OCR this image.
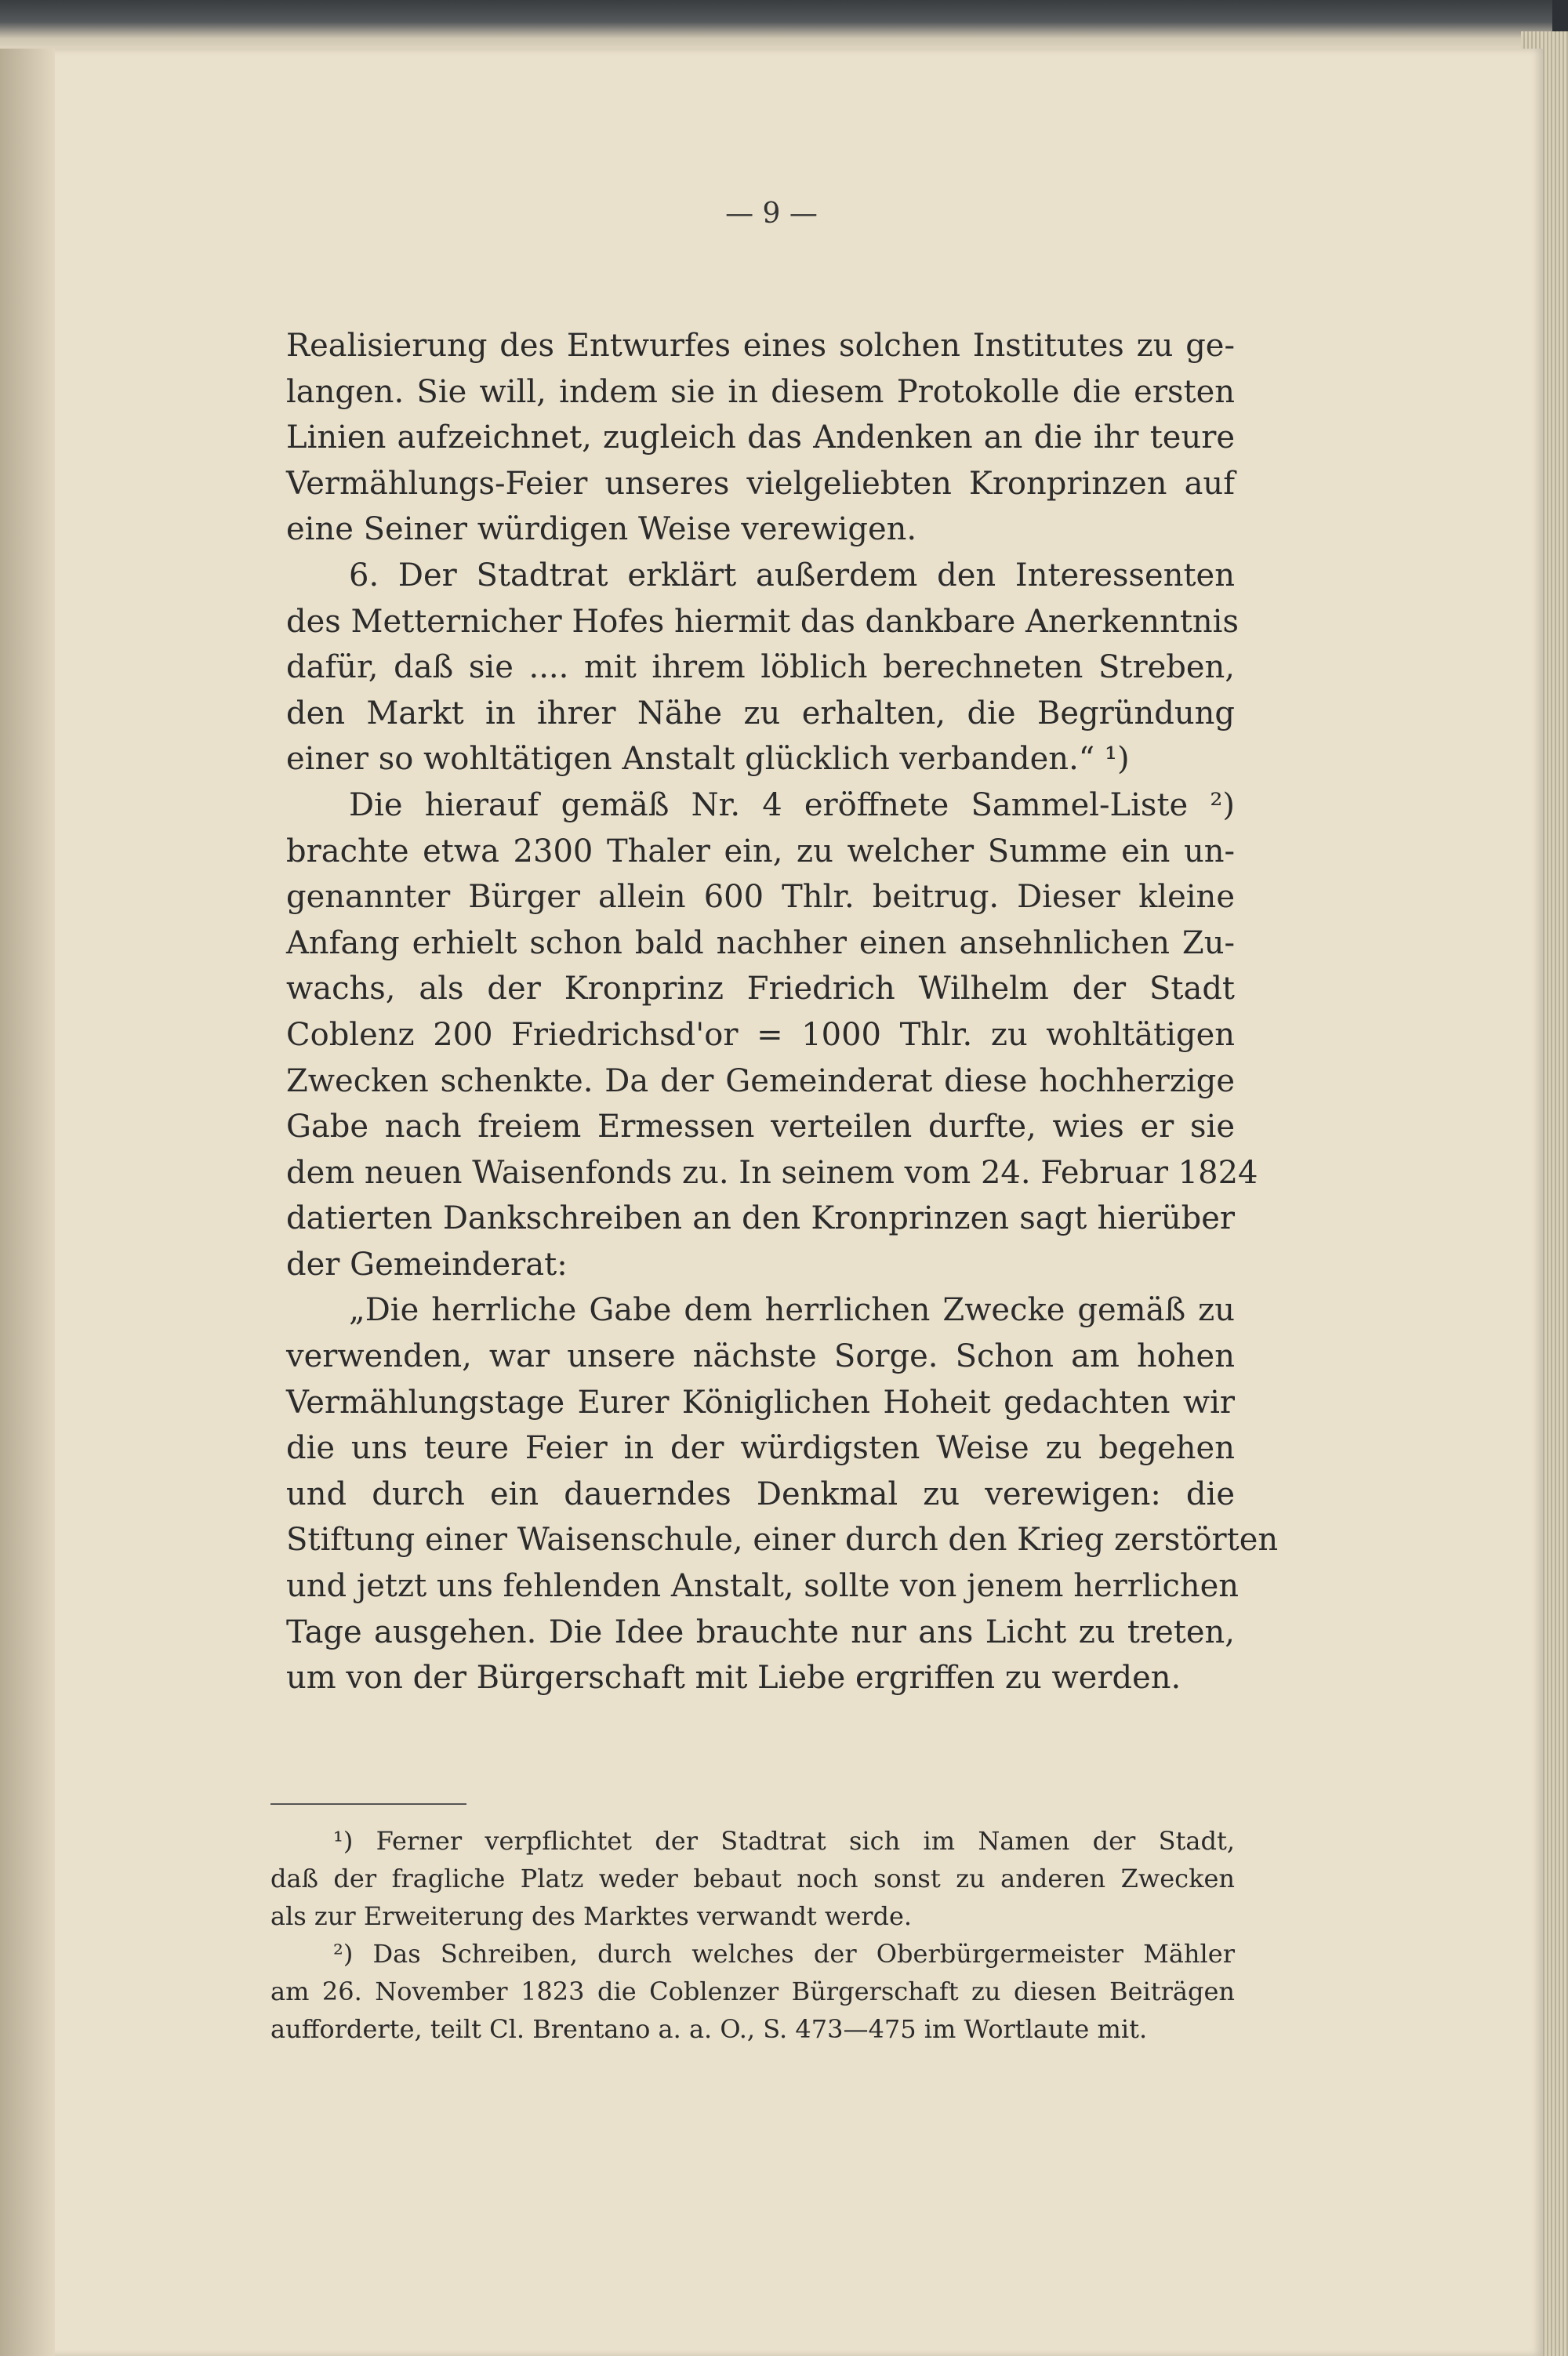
— 9 —
Realisierung des Entwurfes eines solchen Institutes zu ge-
langen. Sie will, indem sie in diesem Protokolle die ersten
Linien aufzeichnet, zugleich das Andenken an die ihr teure
Vermählungs-Feier unseres vielgeliebten Kronprinzen auf
eine Seiner würdigen Weise verewigen.
6. Der Stadtrat erklärt außerdem den Interessenten
des Metternicher Hofes hiermit das dankbare Anerkenntnis
dafür, daß sie .... mit ihrem löblich berechneten Streben,
den Markt in ihrer Nähe zu erhalten, die Begründung
einer so wohltätigen Anstalt glücklich verbanden.“ ¹)
Die hierauf gemäß Nr. 4 eröffnete Sammel-Liste ²)
brachte etwa 2300 Thaler ein, zu welcher Summe ein un-
genannter Bürger allein 600 Thlr. beitrug. Dieser kleine
Anfang erhielt schon bald nachher einen ansehnlichen Zu-
wachs, als der Kronprinz Friedrich Wilhelm der Stadt
Coblenz 200 Friedrichsd'or = 1000 Thlr. zu wohltätigen
Zwecken schenkte. Da der Gemeinderat diese hochherzige
Gabe nach freiem Ermessen verteilen durfte, wies er sie
dem neuen Waisenfonds zu. In seinem vom 24. Februar 1824
datierten Dankschreiben an den Kronprinzen sagt hierüber
der Gemeinderat:
„Die herrliche Gabe dem herrlichen Zwecke gemäß zu
verwenden, war unsere nächste Sorge. Schon am hohen
Vermählungstage Eurer Königlichen Hoheit gedachten wir
die uns teure Feier in der würdigsten Weise zu begehen
und durch ein dauerndes Denkmal zu verewigen: die
Stiftung einer Waisenschule, einer durch den Krieg zerstörten
und jetzt uns fehlenden Anstalt, sollte von jenem herrlichen
Tage ausgehen. Die Idee brauchte nur ans Licht zu treten,
um von der Bürgerschaft mit Liebe ergriffen zu werden.
¹) Ferner verpflichtet der Stadtrat sich im Namen der Stadt,
daß der fragliche Platz weder bebaut noch sonst zu anderen Zwecken
als zur Erweiterung des Marktes verwandt werde.
²) Das Schreiben, durch welches der Oberbürgermeister Mähler
am 26. November 1823 die Coblenzer Bürgerschaft zu diesen Beiträgen
aufforderte, teilt Cl. Brentano a. a. O., S. 473—475 im Wortlaute mit.
